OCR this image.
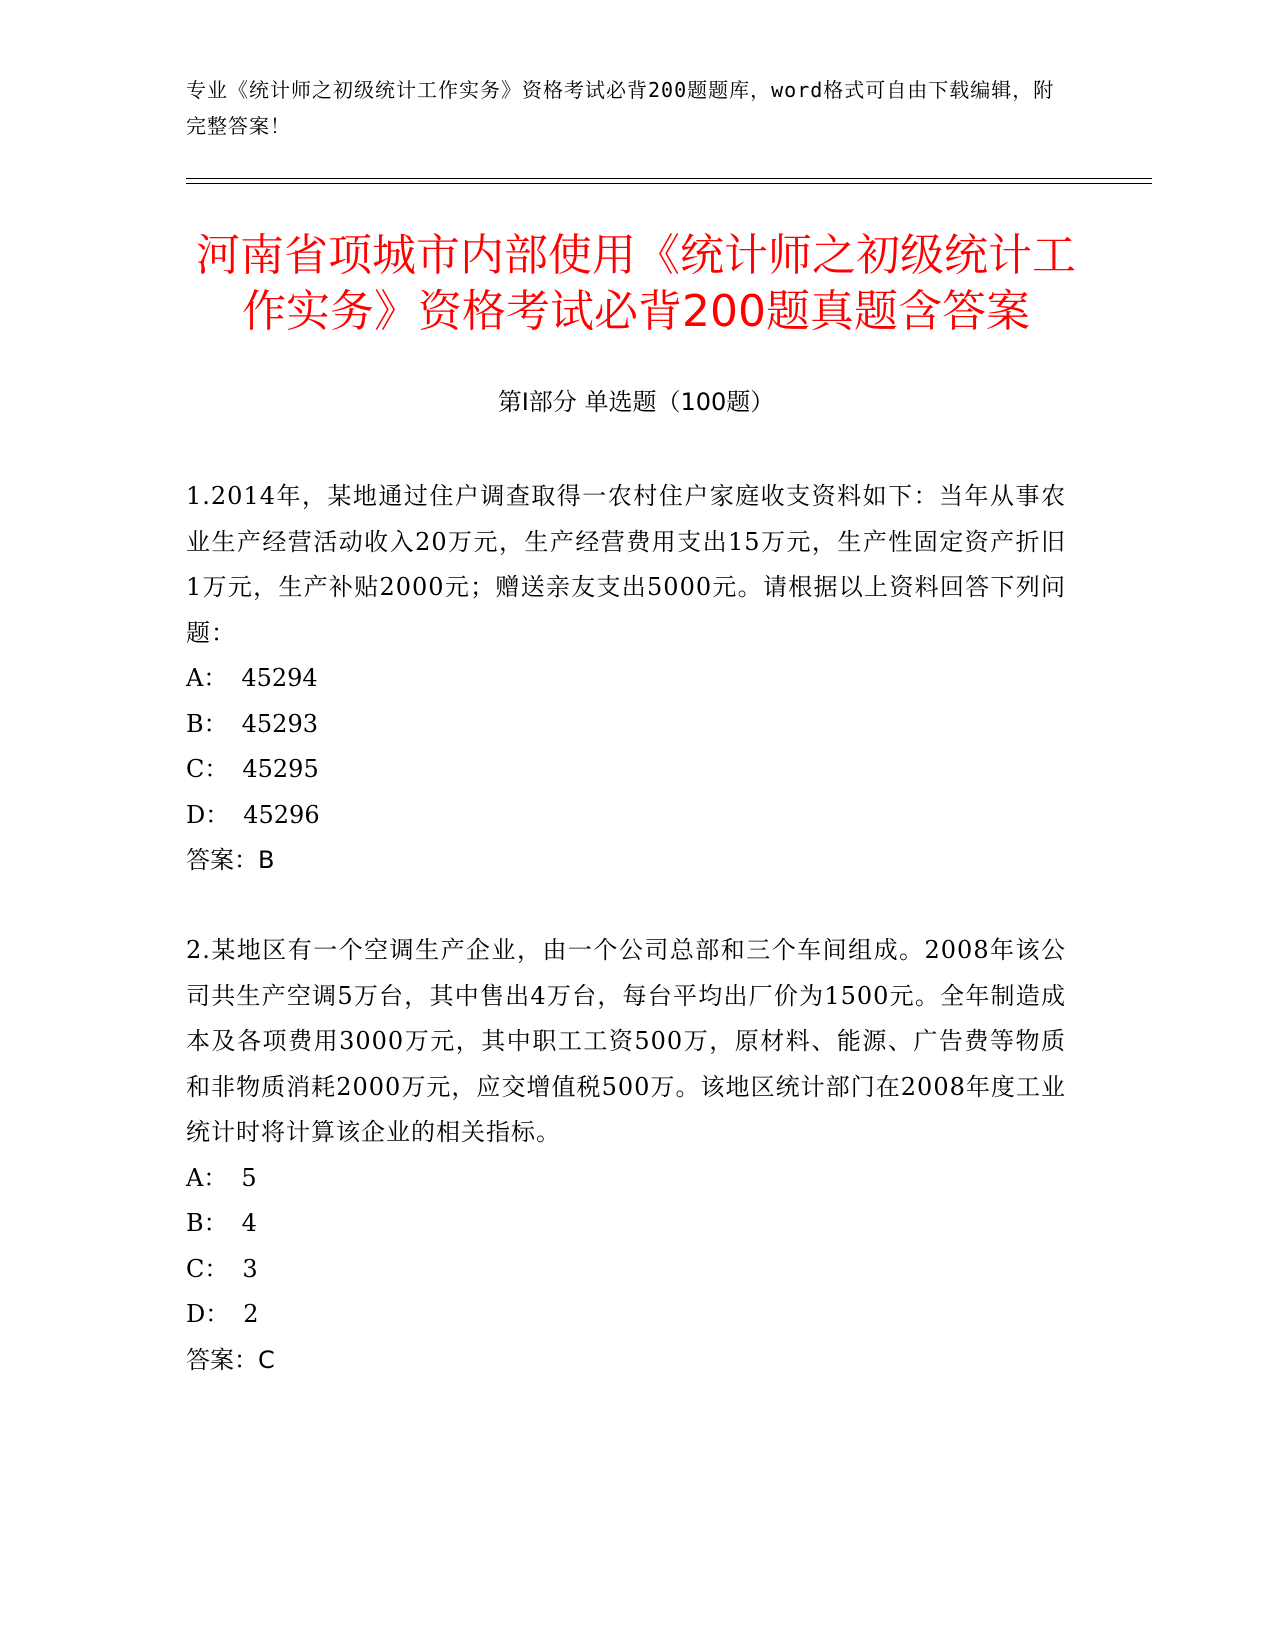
专业《统计师之初级统计工作实务》资格考试必背200题题库，word格式可自由下载编辑，附完整答案！
河南省项城市内部使用《统计师之初级统计工作实务》资格考试必背200题真题含答案
第Ⅰ部分 单选题（100题）

1.2014年，某地通过住户调查取得一农村住户家庭收支资料如下：当年从事农业生产经营活动收入20万元，生产经营费用支出15万元，生产性固定资产折旧1万元，生产补贴2000元；赠送亲友支出5000元。请根据以上资料回答下列问题：

A： 45294

B： 45293

C： 45295

D： 45296

答案：B

2.某地区有一个空调生产企业，由一个公司总部和三个车间组成。2008年该公司共生产空调5万台，其中售出4万台，每台平均出厂价为1500元。全年制造成本及各项费用3000万元，其中职工工资500万，原材料、能源、广告费等物质和非物质消耗2000万元，应交增值税500万。该地区统计部门在2008年度工业统计时将计算该企业的相关指标。

A： 5

B： 4

C： 3

D： 2

答案：C
